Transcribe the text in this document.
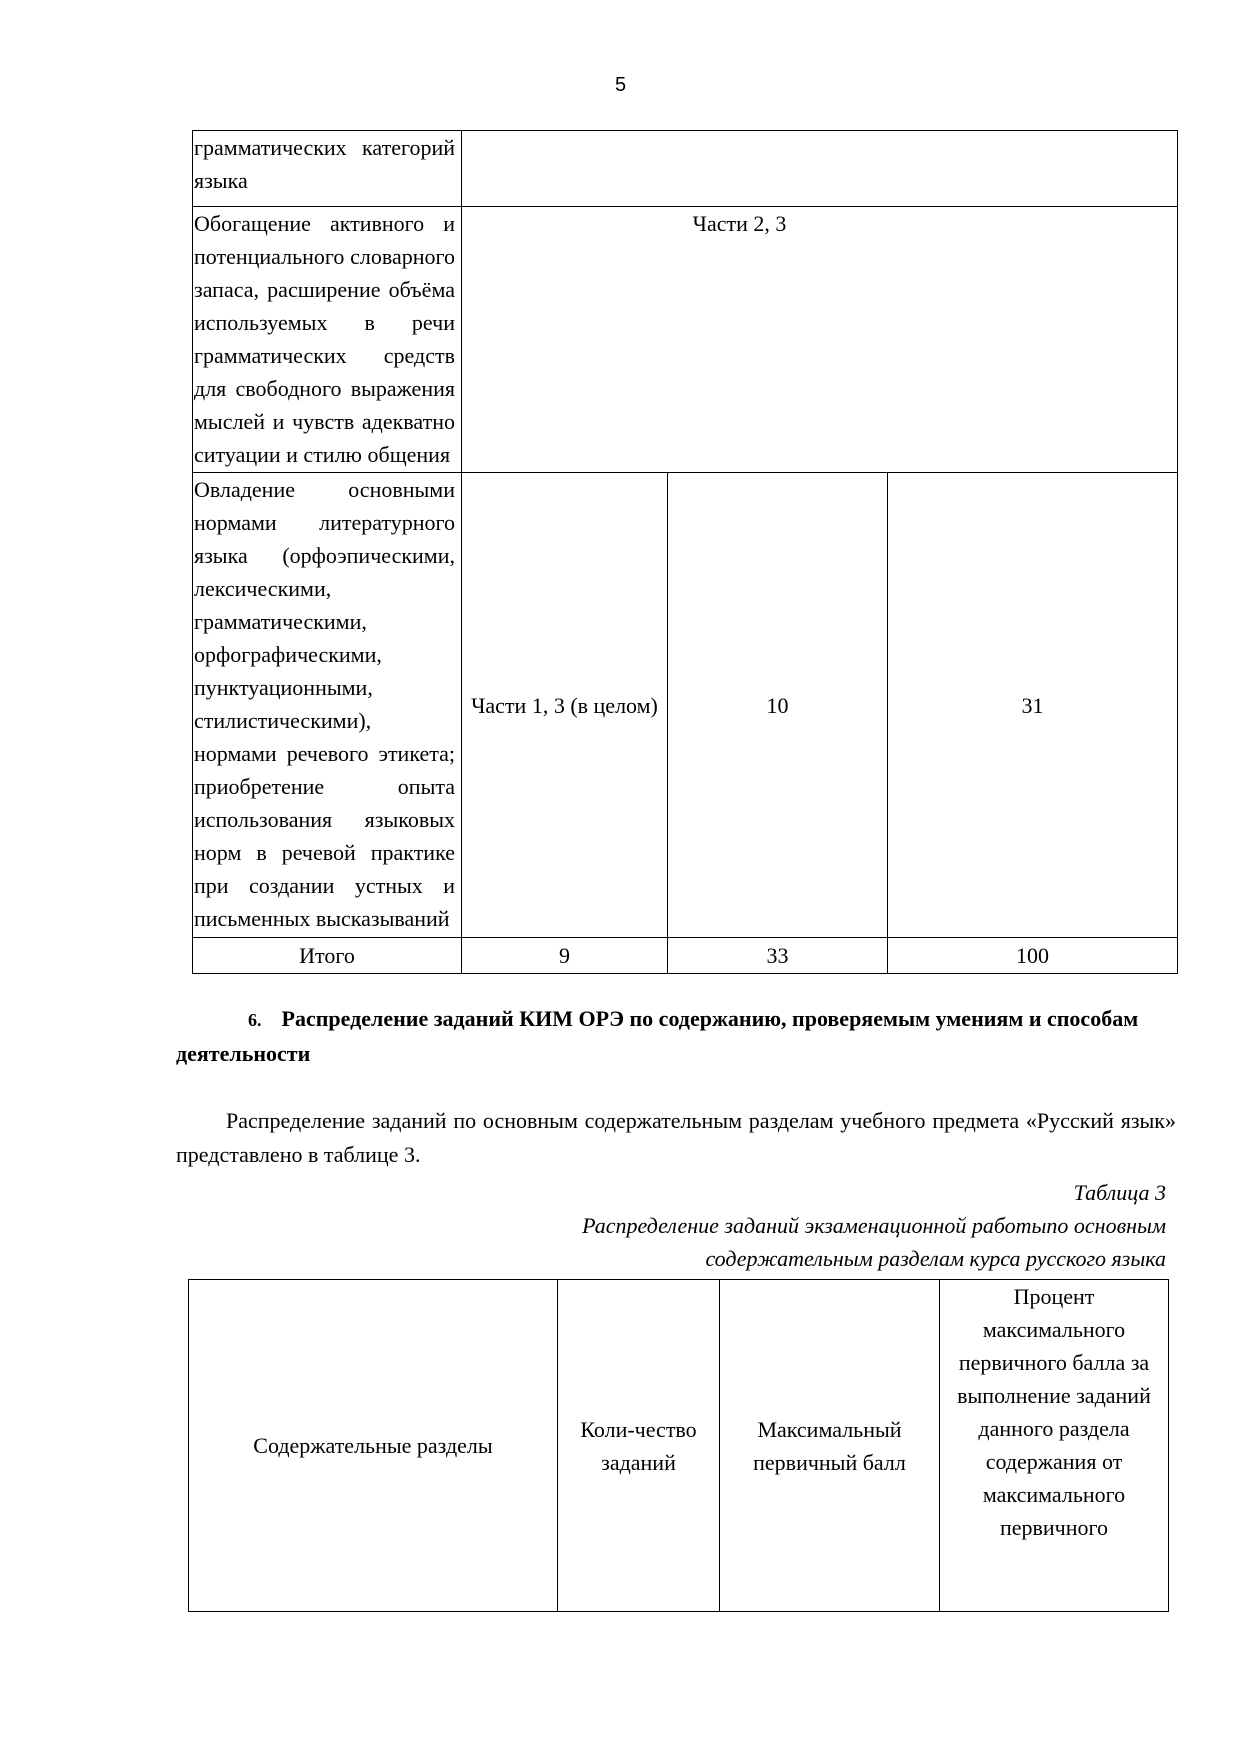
5
грамматических категорий языка			
Обогащение активного и потенциального словарного запаса, расширение объёма используемых в речи грамматических средств для свободного выражения мыслей и чувств адекватно ситуации и стилю общения	Части 2, 3		
Овладение основными нормами литературного языка (орфоэпическими, лексическими, грамматическими, орфографическими, пунктуационными, стилистическими), нормами речевого этикета; приобретение опыта использования языковых норм в речевой практике при создании устных и письменных высказываний	Части 1, 3 (в целом)	10	31
Итого	9	33	100
6. Распределение заданий КИМ ОРЭ по содержанию, проверяемым умениям и способам деятельности
Распределение заданий по основным содержательным разделам учебного предмета «Русский язык» представлено в таблице 3.
Таблица 3
Распределение заданий экзаменационной работыпо основным
содержательным разделам курса русского языка
Содержательные разделы	Коли-чество заданий	Максимальный первичный балл	Процент максимального первичного балла за выполнение заданий данного раздела содержания от максимального первичного
